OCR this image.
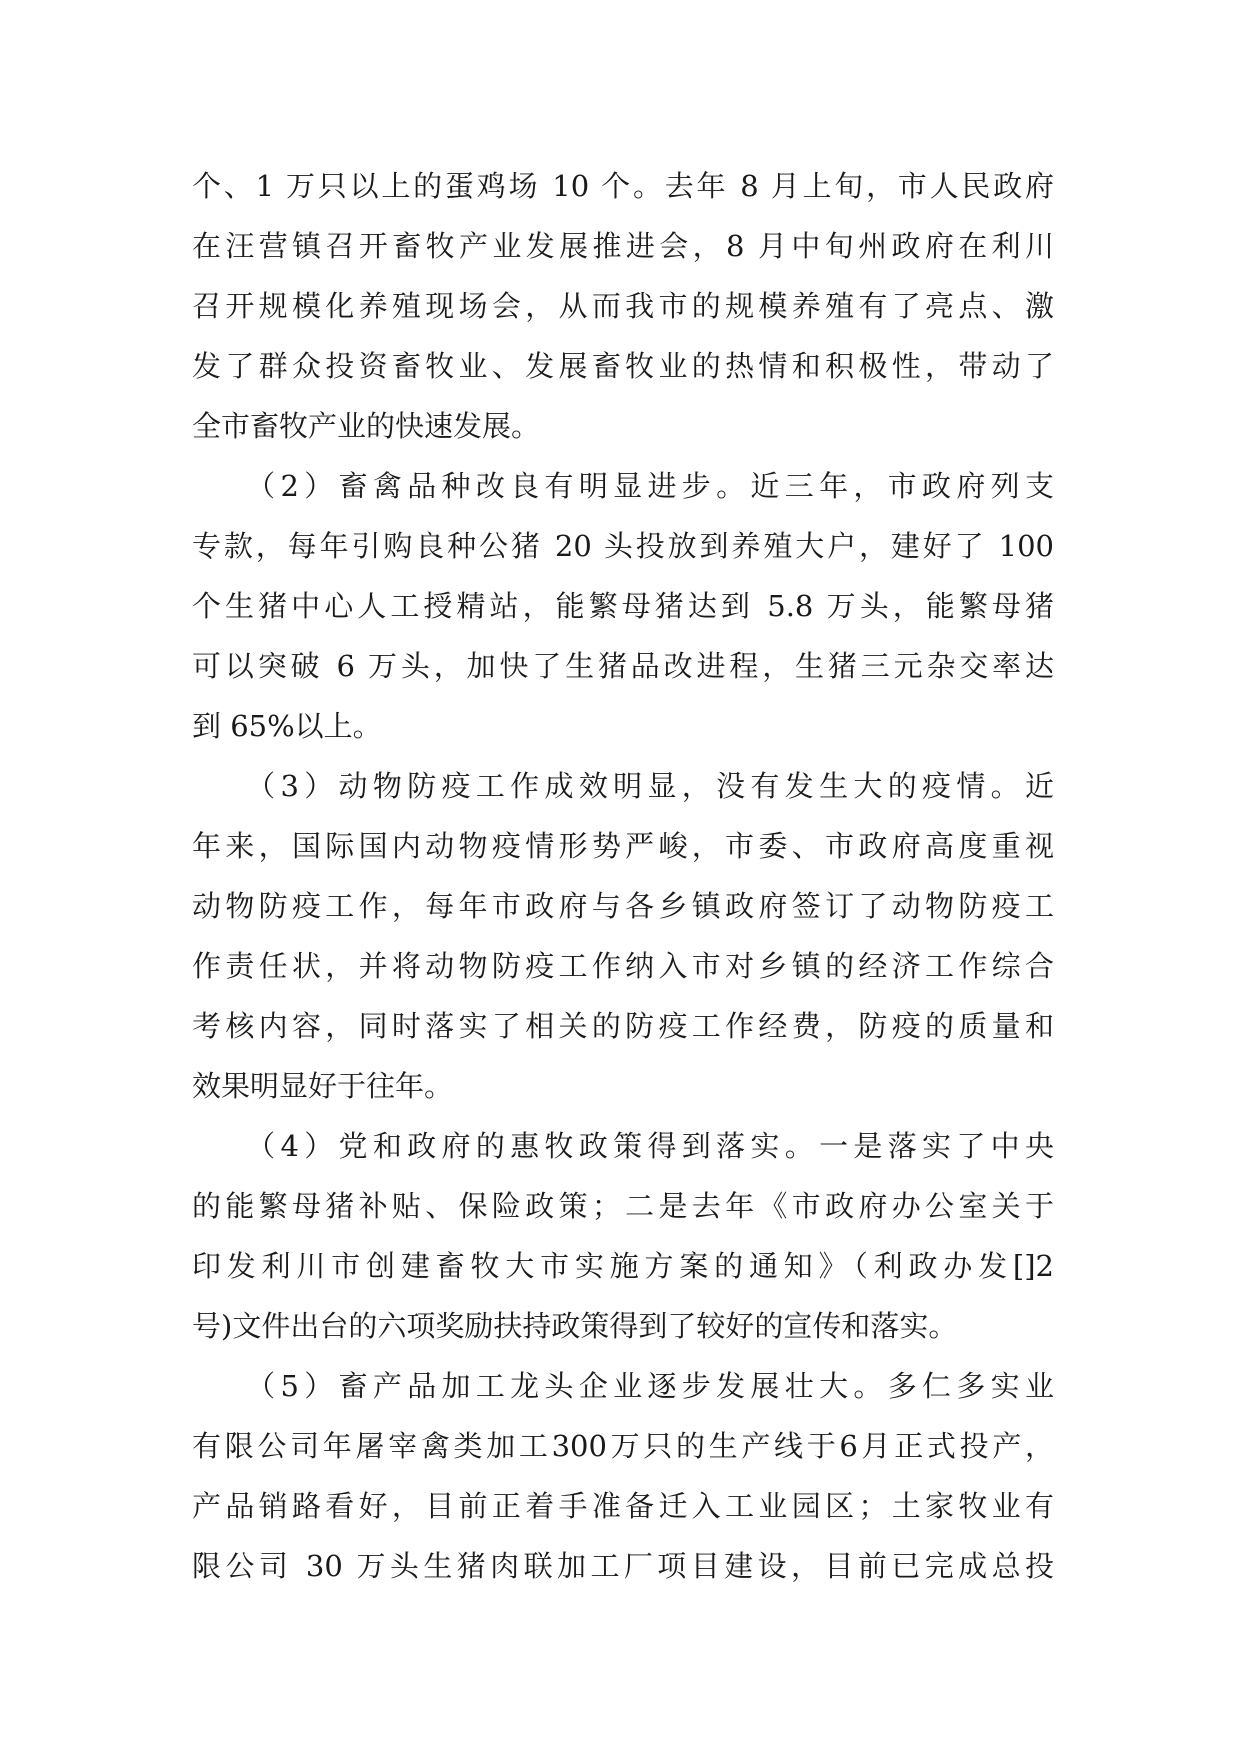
个、1 万只以上的蛋鸡场 10 个。去年 8 月上旬，市人民政府
在汪营镇召开畜牧产业发展推进会，8 月中旬州政府在利川
召开规模化养殖现场会，从而我市的规模养殖有了亮点、激
发了群众投资畜牧业、发展畜牧业的热情和积极性，带动了
全市畜牧产业的快速发展。
　　（2）畜禽品种改良有明显进步。近三年，市政府列支
专款，每年引购良种公猪 20 头投放到养殖大户，建好了 100
个生猪中心人工授精站，能繁母猪达到 5.8 万头，能繁母猪
可以突破 6 万头，加快了生猪品改进程，生猪三元杂交率达
到 65%以上。
　　（3）动物防疫工作成效明显，没有发生大的疫情。近
年来，国际国内动物疫情形势严峻，市委、市政府高度重视
动物防疫工作，每年市政府与各乡镇政府签订了动物防疫工
作责任状，并将动物防疫工作纳入市对乡镇的经济工作综合
考核内容，同时落实了相关的防疫工作经费，防疫的质量和
效果明显好于往年。
　　（4）党和政府的惠牧政策得到落实。一是落实了中央
的能繁母猪补贴、保险政策；二是去年《市政府办公室关于
印发利川市创建畜牧大市实施方案的通知》（利政办发[]2
号)文件出台的六项奖励扶持政策得到了较好的宣传和落实。
　　（5）畜产品加工龙头企业逐步发展壮大。多仁多实业
有限公司年屠宰禽类加工300万只的生产线于6月正式投产，
产品销路看好，目前正着手准备迁入工业园区；土家牧业有
限公司 30 万头生猪肉联加工厂项目建设，目前已完成总投
